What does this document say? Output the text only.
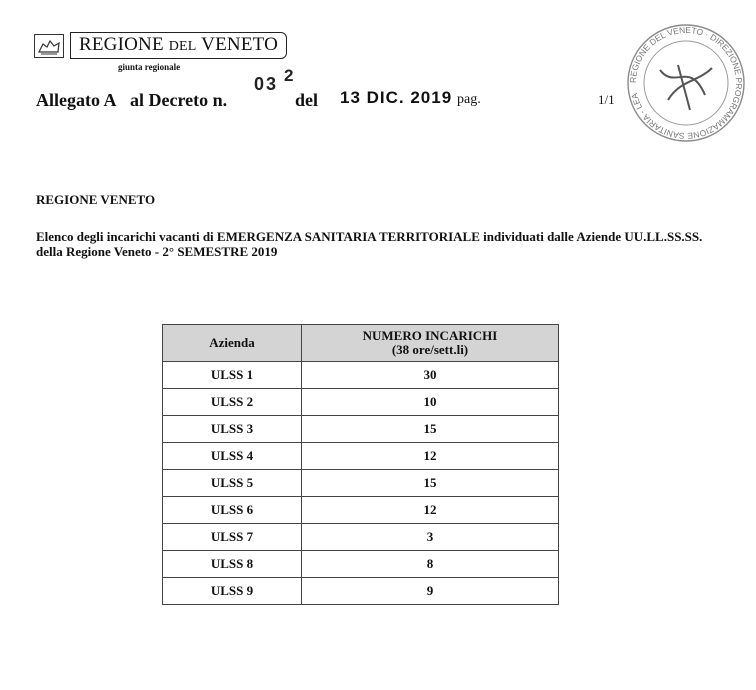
REGIONE DEL VENETO
giunta regionale
Allegato A al Decreto n.
03 2
del 13 DIC. 2019 pag.	1/1
REGIONE DEL VENETO · DIREZIONE PROGRAMMAZIONE SANITARIA - LEA
REGIONE VENETO
Elenco degli incarichi vacanti di EMERGENZA SANITARIA TERRITORIALE individuati dalle Aziende UU.LL.SS.SS. della Regione Veneto - 2° SEMESTRE 2019
Azienda	NUMERO INCARICHI
(38 ore/sett.li)

ULSS 1	30
ULSS 2	10
ULSS 3	15
ULSS 4	12
ULSS 5	15
ULSS 6	12
ULSS 7	3
ULSS 8	8
ULSS 9	9
